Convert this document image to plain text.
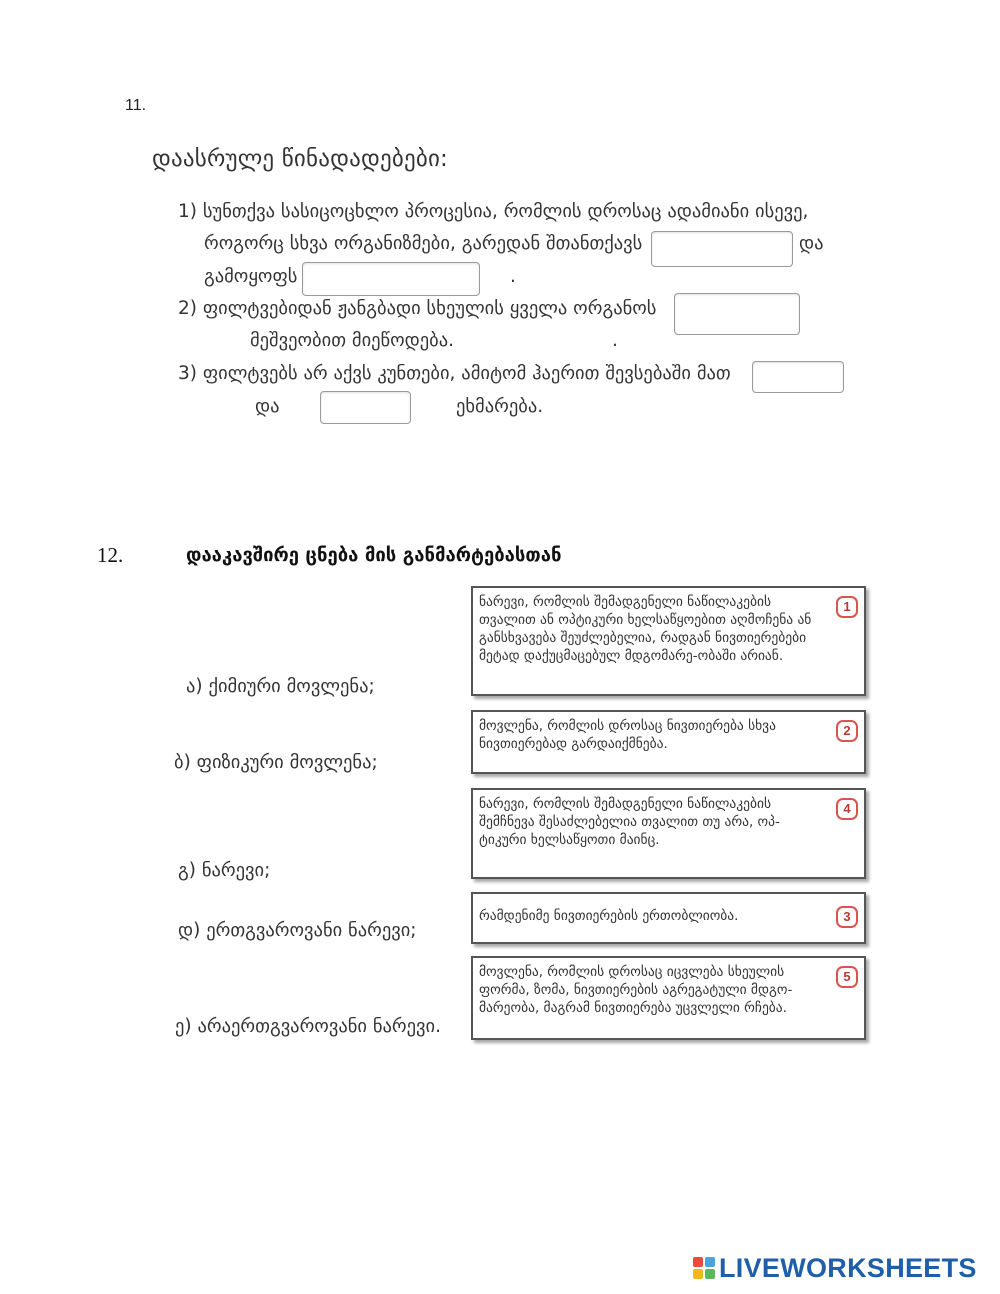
11.
დაასრულე წინადადებები:
1) სუნთქვა სასიცოცხლო პროცესია, რომლის დროსაც ადამიანი ისევე,
როგორც სხვა ორგანიზმები, გარედან შთანთქავს	და
გამოყოფს	.
2) ფილტვებიდან ჟანგბადი სხეულის ყველა ორგანოს
მეშვეობით მიეწოდება.	.
3) ფილტვებს არ აქვს კუნთები, ამიტომ ჰაერით შევსებაში მათ
და	ეხმარება.
12.	დააკავშირე ცნება მის განმარტებასთან
ა) ქიმიური მოვლენა;
ბ) ფიზიკური მოვლენა;
გ) ნარევი;
დ) ერთგვაროვანი ნარევი;
ე) არაერთგვაროვანი ნარევი.
ნარევი, რომლის შემადგენელი ნაწილაკების თვალით ან ოპტიკური ხელსაწყოებით აღმოჩენა ან განსხვავება შეუძლებელია, რადგან ნივთიერებები მეტად დაქუცმაცებულ მდგომარე-ობაში არიან.
1
მოვლენა, რომლის დროსაც ნივთიერება სხვა ნივთიერებად გარდაიქმნება.
2
ნარევი, რომლის შემადგენელი ნაწილაკების შემჩნევა შესაძლებელია თვალით თუ არა, ოპ-ტიკური ხელსაწყოთი მაინც.
4
რამდენიმე ნივთიერების ერთობლიობა.	3
მოვლენა, რომლის დროსაც იცვლება სხეულის ფორმა, ზომა, ნივთიერების აგრეგატული მდგო-მარეობა, მაგრამ ნივთიერება უცვლელი რჩება.
5
LIVEWORKSHEETS
